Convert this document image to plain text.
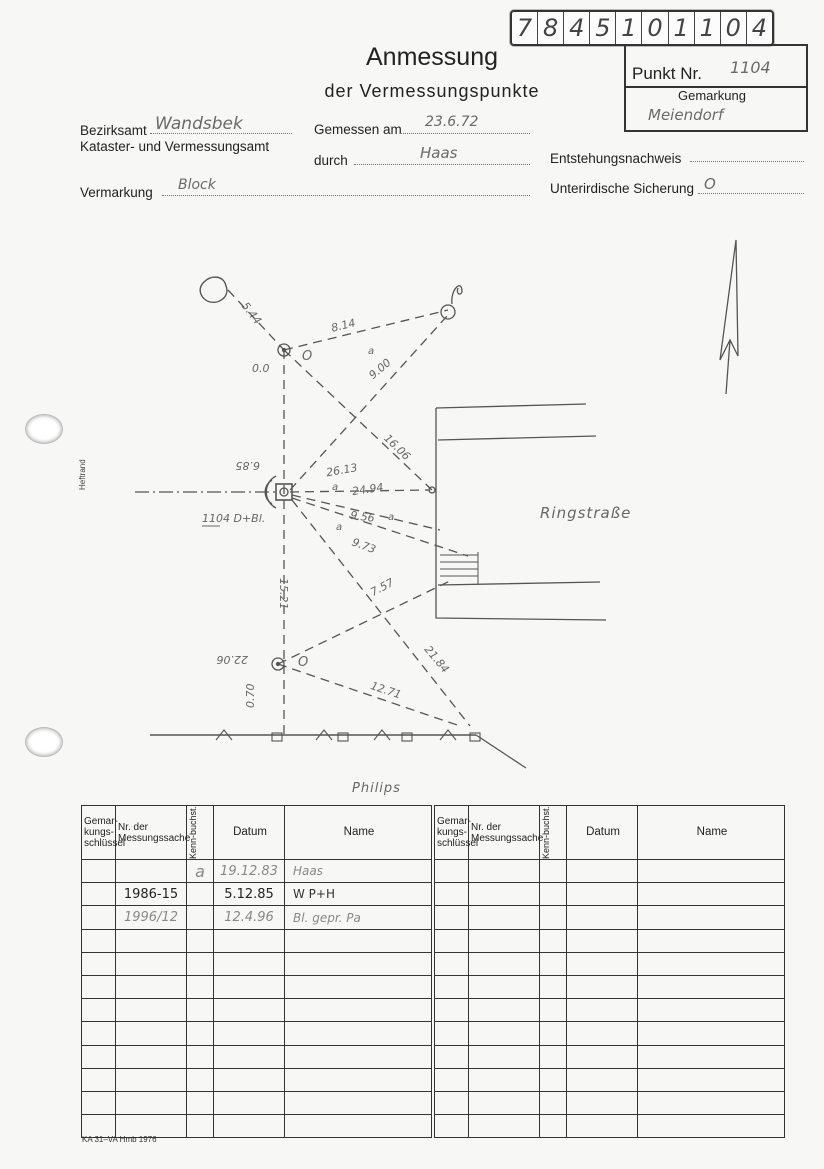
7 8 4 5 1 0 1 1 0 4
Punkt Nr. 1104
Gemarkung
Meiendorf
Anmessung
der Vermessungspunkte
Bezirksamt Wandsbek
Kataster- und Vermessungsamt
Gemessen am 23.6.72
durch	Haas	Entstehungsnachweis
Vermarkung Block	Unterirdische Sicherung O
Heftrand
5.44	8.14
9.00
0.0
16.06
6.85	26.13
24.94
9.56
9.73
15.21	7.57
22.06	21.84
12.71
0.70
O
O
a
a
a
a
1104 D+Bl.	Ringstraße
Philips
Gemar-kungs-schlüssel	Nr. der Messungssache	Kenn-buchst.	Datum	Name
		a	19.12.83	Haas
	1986-15		5.12.85	W P+H
	1996/12		12.4.96	Bl. gepr. Pa

Gemar-kungs-schlüssel	Nr. der Messungssache	Kenn-buchst.	Datum	Name

KA 31–VA Hmb 1976
